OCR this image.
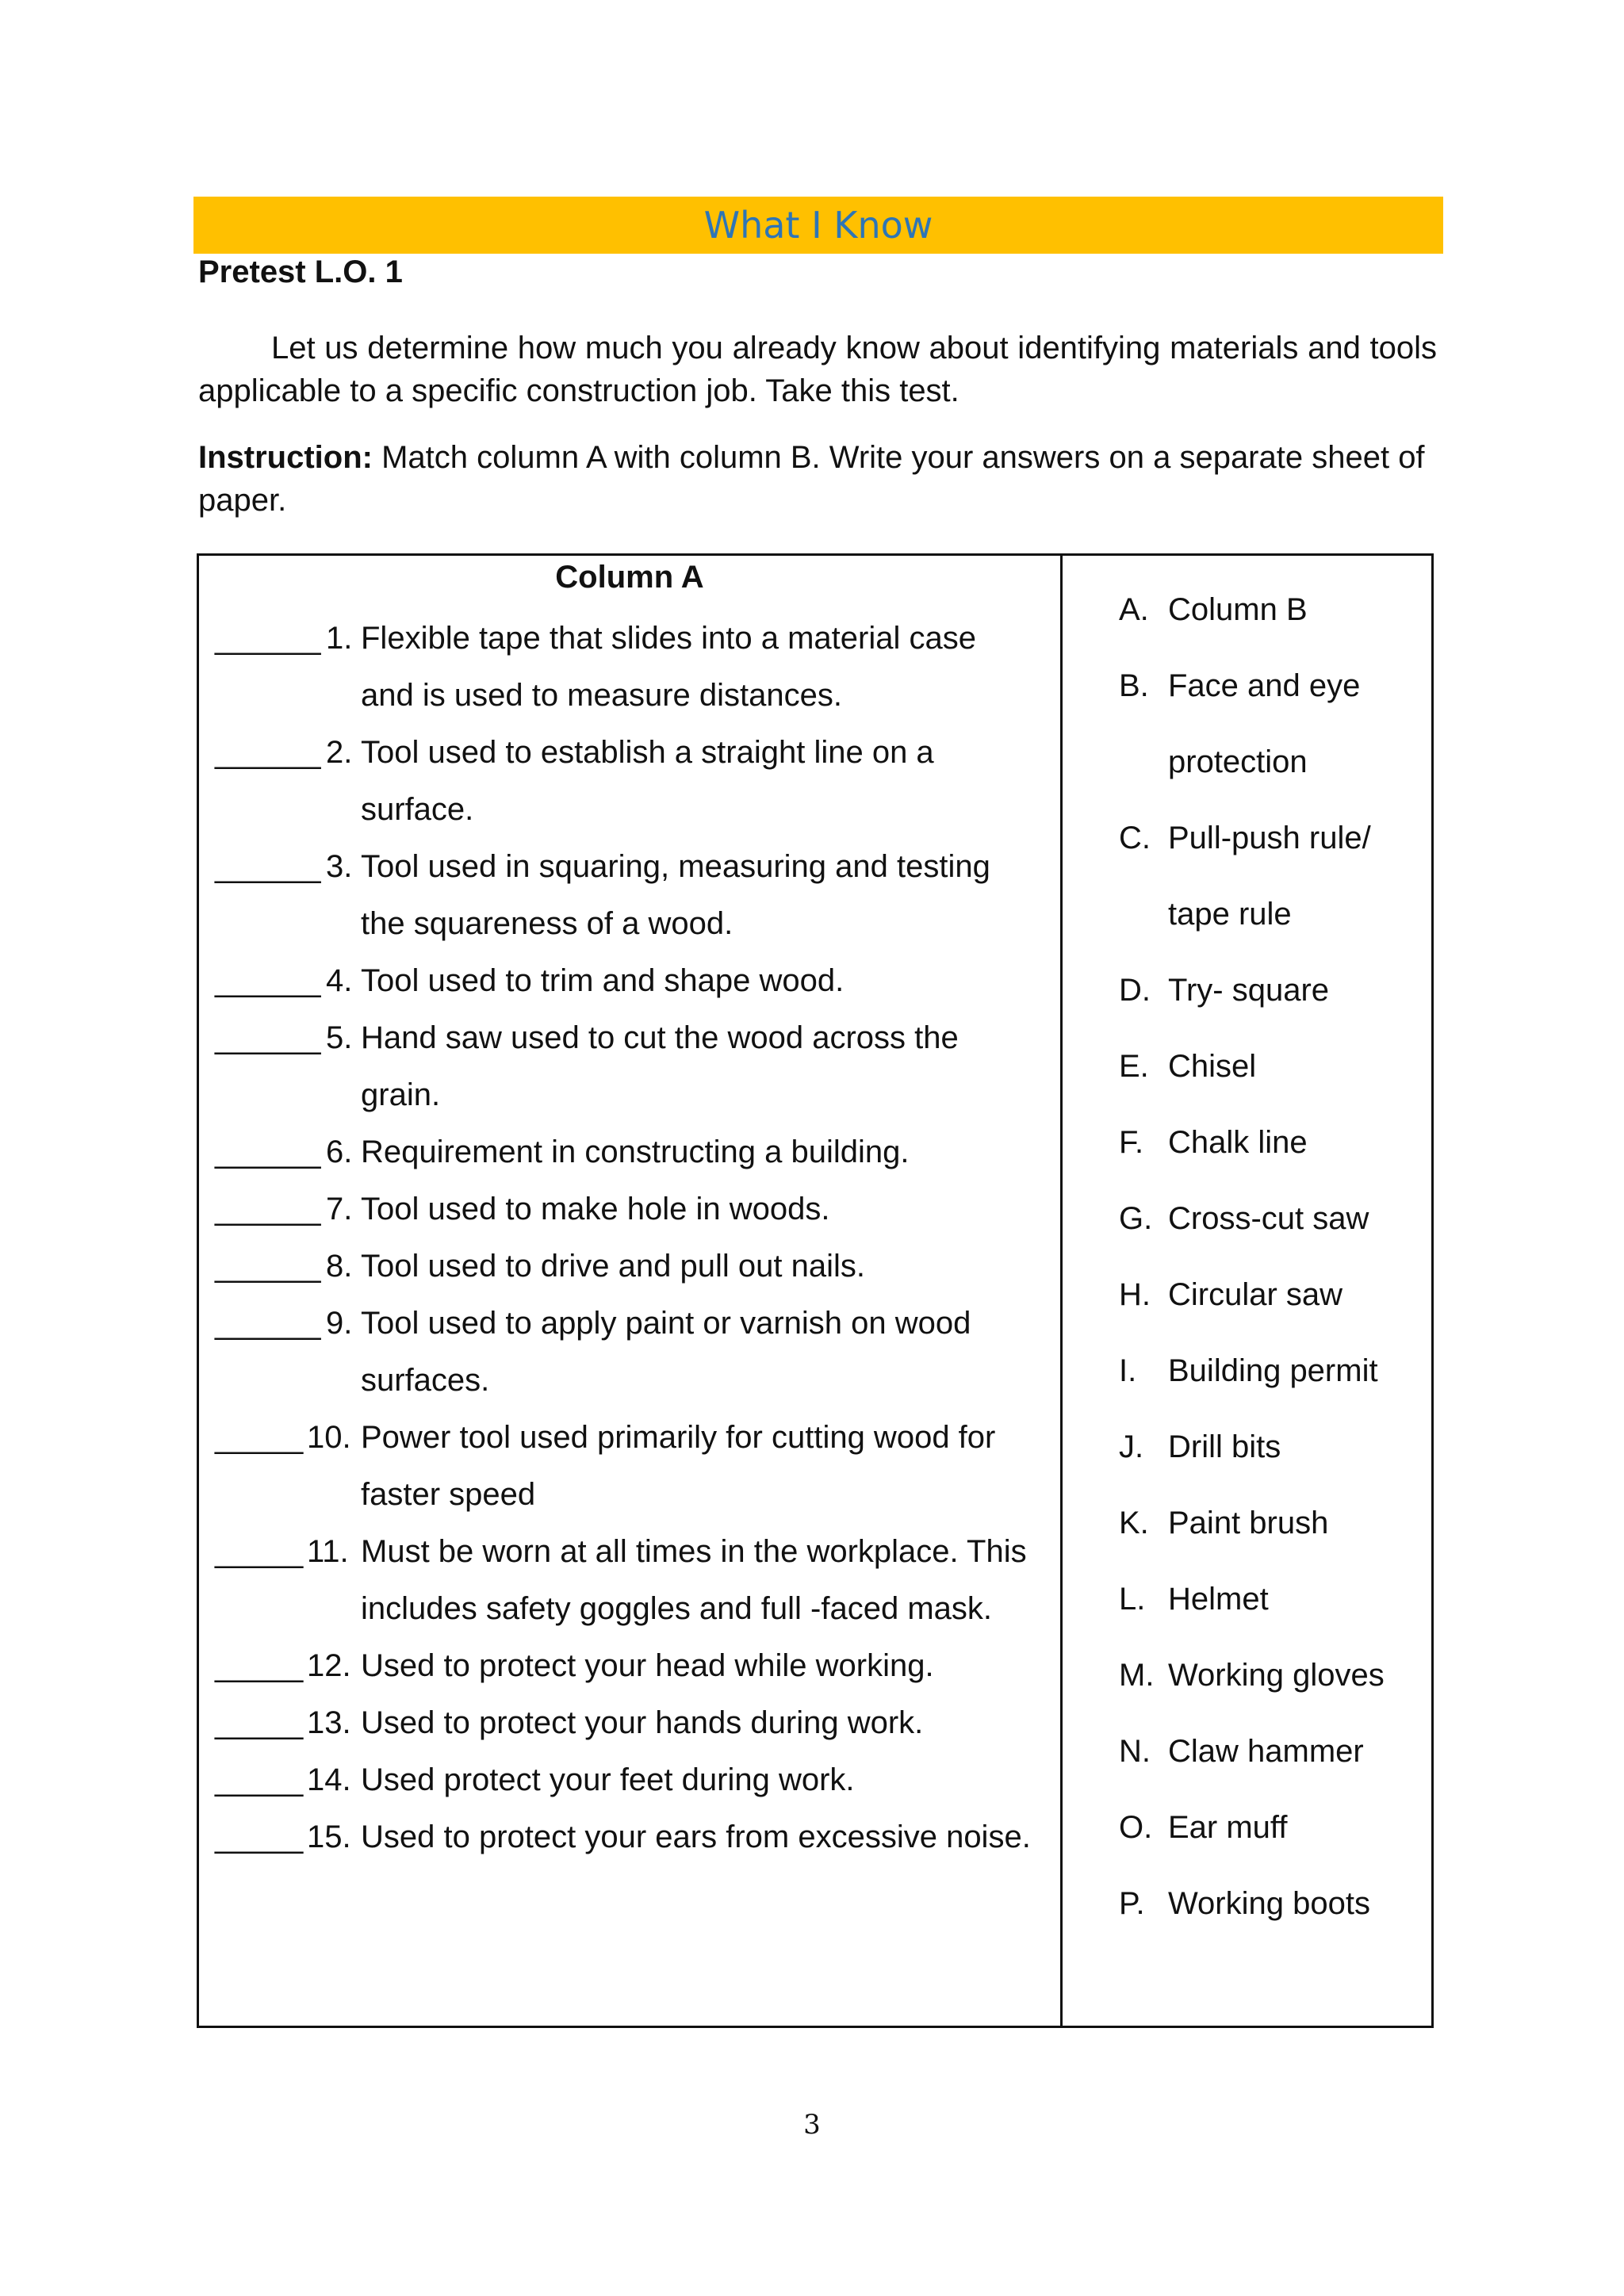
What I Know
Pretest L.O. 1
Let us determine how much you already know about identifying materials and tools applicable to a specific construction job. Take this test.
Instruction: Match column A with column B. Write your answers on a separate sheet of paper.
Column A
______ 1. Flexible tape that slides into a material case and is used to measure distances.
______ 2. Tool used to establish a straight line on a surface.
______ 3. Tool used in squaring, measuring and testing the squareness of a wood.
______ 4. Tool used to trim and shape wood.
______ 5. Hand saw used to cut the wood across the grain.
______ 6. Requirement in constructing a building.
______ 7. Tool used to make hole in woods.
______ 8. Tool used to drive and pull out nails.
______ 9. Tool used to apply paint or varnish on wood surfaces.
_____ 10. Power tool used primarily for cutting wood for faster speed
_____ 11. Must be worn at all times in the workplace. This includes safety goggles and full -faced mask.
_____ 12. Used to protect your head while working.
_____ 13. Used to protect your hands during work.
_____ 14. Used protect your feet during work.
_____ 15. Used to protect your ears from excessive noise.
A. Column B
B. Face and eye protection
C. Pull-push rule/ tape rule
D. Try- square
E. Chisel
F. Chalk line
G. Cross-cut saw
H. Circular saw
I. Building permit
J. Drill bits
K. Paint brush
L. Helmet
M. Working gloves
N. Claw hammer
O. Ear muff
P. Working boots
3
